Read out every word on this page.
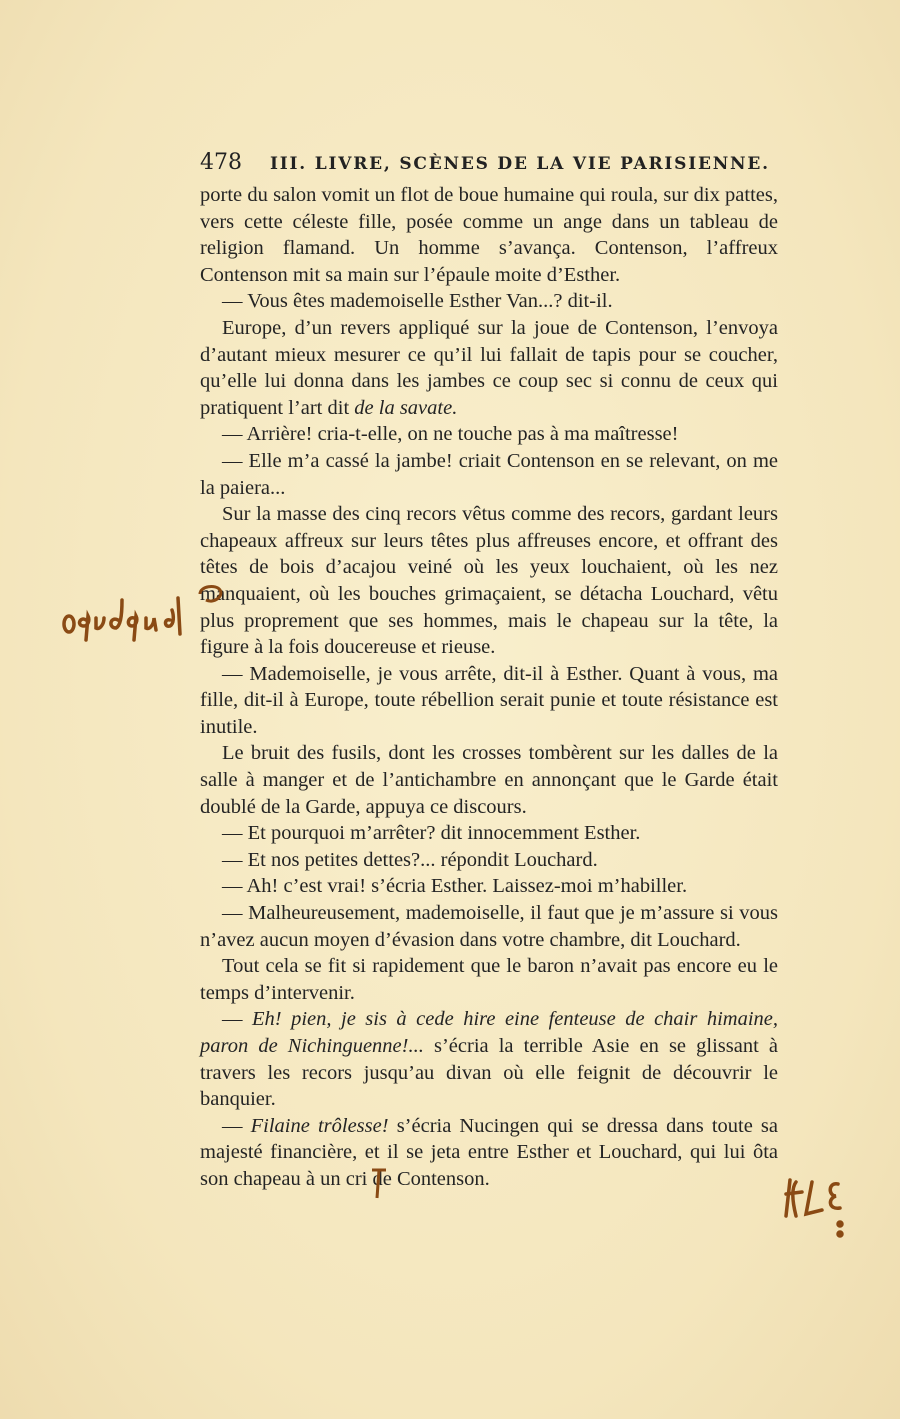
478 III. LIVRE, SCÈNES DE LA VIE PARISIENNE.

porte du salon vomit un flot de boue humaine qui roula, sur dix pattes, vers cette céleste fille, posée comme un ange dans un tableau de religion flamand. Un homme s’avança. Contenson, l’affreux Contenson mit sa main sur l’épaule moite d’Esther.

— Vous êtes mademoiselle Esther Van...? dit-il.

Europe, d’un revers appliqué sur la joue de Contenson, l’envoya d’autant mieux mesurer ce qu’il lui fallait de tapis pour se coucher, qu’elle lui donna dans les jambes ce coup sec si connu de ceux qui pratiquent l’art dit de la savate.

— Arrière! cria-t-elle, on ne touche pas à ma maîtresse!

— Elle m’a cassé la jambe! criait Contenson en se relevant, on me la paiera...

Sur la masse des cinq recors vêtus comme des recors, gardant leurs chapeaux affreux sur leurs têtes plus affreuses encore, et offrant des têtes de bois d’acajou veiné où les yeux louchaient, où les nez manquaient, où les bouches grimaçaient, se détacha Louchard, vêtu plus proprement que ses hommes, mais le chapeau sur la tête, la figure à la fois doucereuse et rieuse.

— Mademoiselle, je vous arrête, dit-il à Esther. Quant à vous, ma fille, dit-il à Europe, toute rébellion serait punie et toute résistance est inutile.

Le bruit des fusils, dont les crosses tombèrent sur les dalles de la salle à manger et de l’antichambre en annonçant que le Garde était doublé de la Garde, appuya ce discours.

— Et pourquoi m’arrêter? dit innocemment Esther.

— Et nos petites dettes?... répondit Louchard.

— Ah! c’est vrai! s’écria Esther. Laissez-moi m’habiller.

— Malheureusement, mademoiselle, il faut que je m’assure si vous n’avez aucun moyen d’évasion dans votre chambre, dit Louchard.

Tout cela se fit si rapidement que le baron n’avait pas encore eu le temps d’intervenir.

— Eh! pien, je sis à cede hire eine fenteuse de chair himaine, paron de Nichinguenne!... s’écria la terrible Asie en se glissant à travers les recors jusqu’au divan où elle feignit de découvrir le banquier.

— Filaine trôlesse! s’écria Nucingen qui se dressa dans toute sa majesté financière, et il se jeta entre Esther et Louchard, qui lui ôta son chapeau à un cri de Contenson.
